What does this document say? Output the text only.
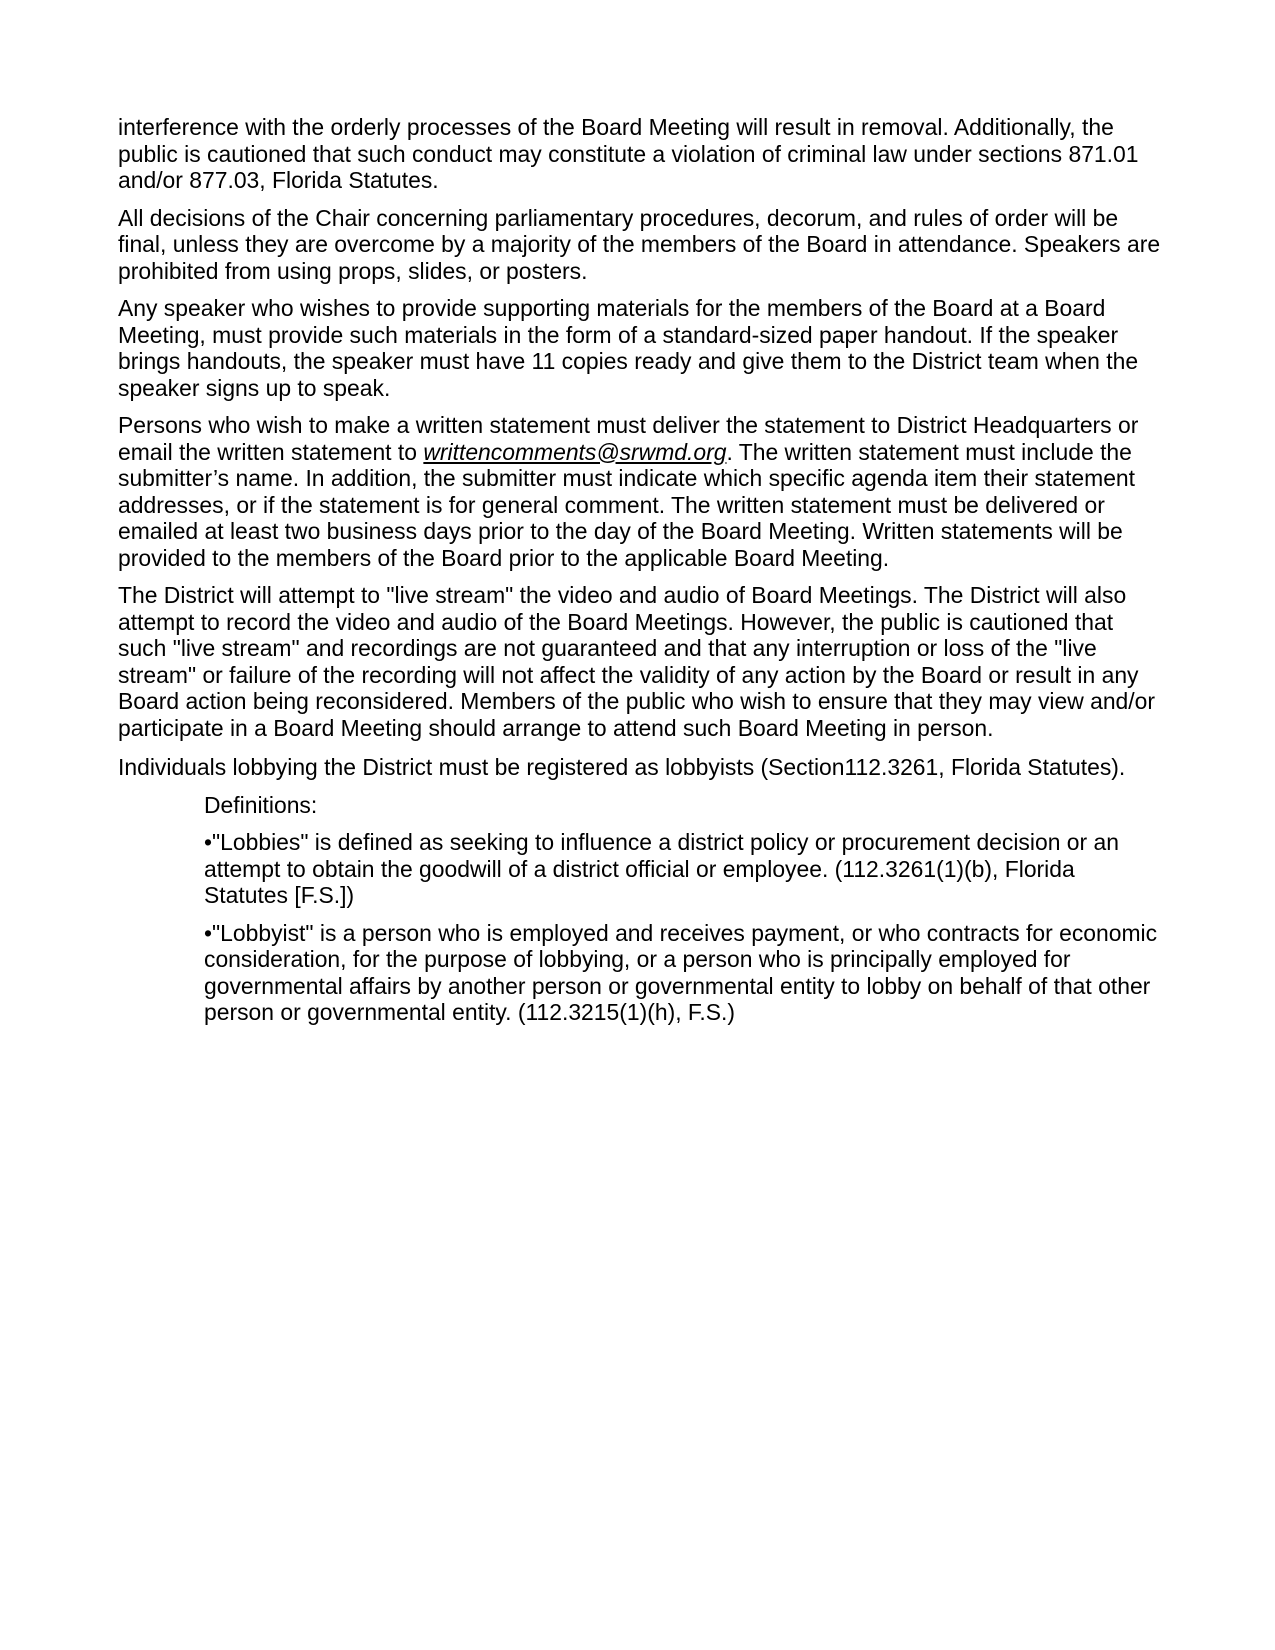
interference with the orderly processes of the Board Meeting will result in removal. Additionally, the public is cautioned that such conduct may constitute a violation of criminal law under sections 871.01 and/or 877.03, Florida Statutes.

All decisions of the Chair concerning parliamentary procedures, decorum, and rules of order will be final, unless they are overcome by a majority of the members of the Board in attendance. Speakers are prohibited from using props, slides, or posters.

Any speaker who wishes to provide supporting materials for the members of the Board at a Board Meeting, must provide such materials in the form of a standard-sized paper handout. If the speaker brings handouts, the speaker must have 11 copies ready and give them to the District team when the speaker signs up to speak.

Persons who wish to make a written statement must deliver the statement to District Headquarters or email the written statement to writtencomments@srwmd.org. The written statement must include the submitter’s name. In addition, the submitter must indicate which specific agenda item their statement addresses, or if the statement is for general comment. The written statement must be delivered or emailed at least two business days prior to the day of the Board Meeting. Written statements will be provided to the members of the Board prior to the applicable Board Meeting.

The District will attempt to "live stream" the video and audio of Board Meetings. The District will also attempt to record the video and audio of the Board Meetings. However, the public is cautioned that such "live stream" and recordings are not guaranteed and that any interruption or loss of the "live stream" or failure of the recording will not affect the validity of any action by the Board or result in any Board action being reconsidered. Members of the public who wish to ensure that they may view and/or participate in a Board Meeting should arrange to attend such Board Meeting in person.

Individuals lobbying the District must be registered as lobbyists (Section112.3261, Florida Statutes).

Definitions:

•"Lobbies" is defined as seeking to influence a district policy or procurement decision or an attempt to obtain the goodwill of a district official or employee. (112.3261(1)(b), Florida Statutes [F.S.])

•"Lobbyist" is a person who is employed and receives payment, or who contracts for economic consideration, for the purpose of lobbying, or a person who is principally employed for governmental affairs by another person or governmental entity to lobby on behalf of that other person or governmental entity. (112.3215(1)(h), F.S.)
